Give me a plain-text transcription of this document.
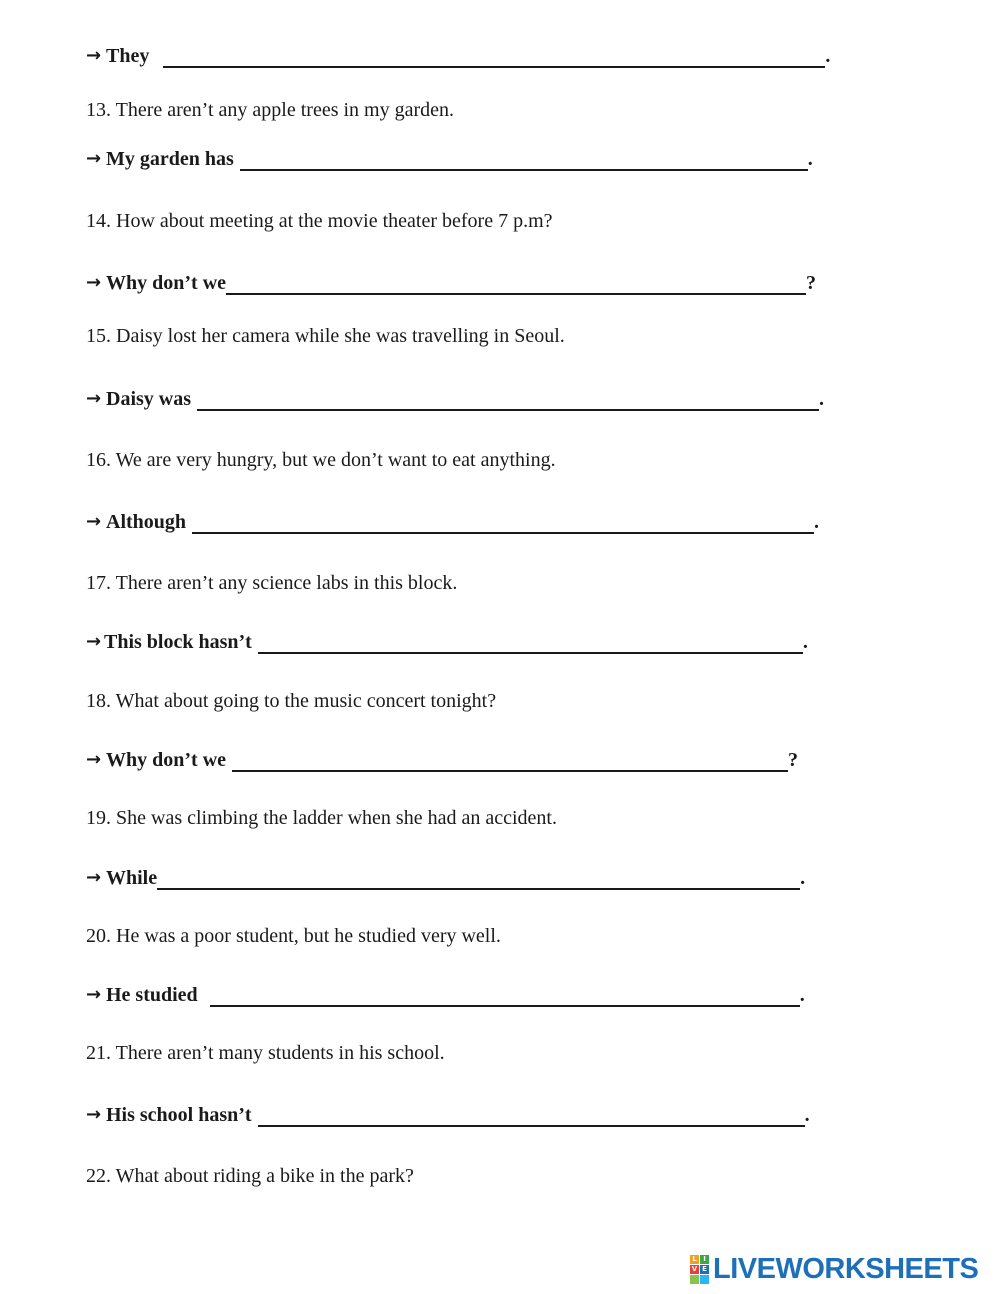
→ They	.
13. There aren’t any apple trees in my garden.
→ My garden has	.
14. How about meeting at the movie theater before 7 p.m?
→ Why don’t we	?
15. Daisy lost her camera while she was travelling in Seoul.
→ Daisy was	.
16. We are very hungry, but we don’t want to eat anything.
→ Although	.
17. There aren’t any science labs in this block.
→ This block hasn’t	.
18. What about going to the music concert tonight?
→ Why don’t we	?
19. She was climbing the ladder when she had an accident.
→ While	.
20. He was a poor student, but he studied very well.
→ He studied	.
21. There aren’t many students in his school.
→ His school hasn’t	.
22. What about riding a bike in the park?
L I
V E LIVEWORKSHEETS
